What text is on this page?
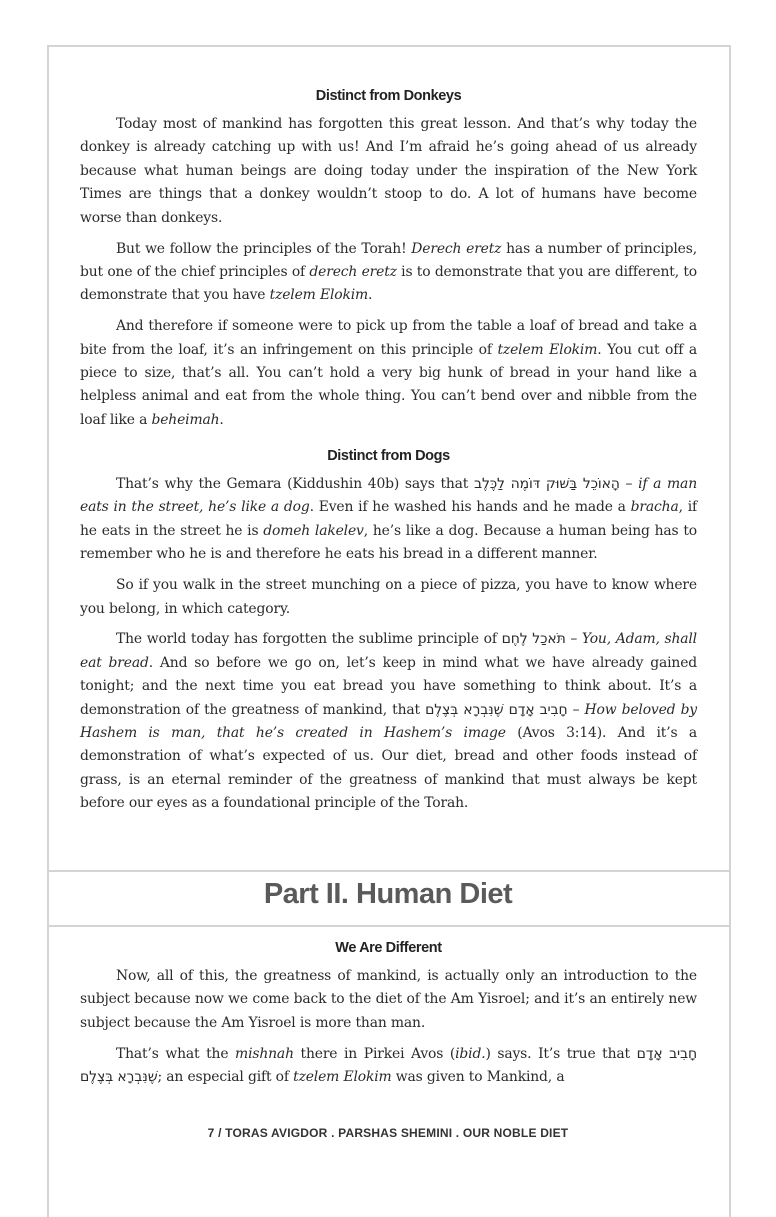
Distinct from Donkeys

Today most of mankind has forgotten this great lesson. And that’s why today the donkey is already catching up with us! And I’m afraid he’s going ahead of us already because what human beings are doing today under the inspiration of the New York Times are things that a donkey wouldn’t stoop to do. A lot of humans have become worse than donkeys.

But we follow the principles of the Torah! Derech eretz has a number of principles, but one of the chief principles of derech eretz is to demonstrate that you are different, to demonstrate that you have tzelem Elokim.

And therefore if someone were to pick up from the table a loaf of bread and take a bite from the loaf, it’s an infringement on this principle of tzelem Elokim. You cut off a piece to size, that’s all. You can’t hold a very big hunk of bread in your hand like a helpless animal and eat from the whole thing. You can’t bend over and nibble from the loaf like a beheimah.

Distinct from Dogs

That’s why the Gemara (Kiddushin 40b) says that הָאוֹכֵל בַּשּׁוּק דּוֹמֶה לַכֶּלֶב – if a man eats in the street, he’s like a dog. Even if he washed his hands and he made a bracha, if he eats in the street he is domeh lakelev, he’s like a dog. Because a human being has to remember who he is and therefore he eats his bread in a different manner.

So if you walk in the street munching on a piece of pizza, you have to know where you belong, in which category.

The world today has forgotten the sublime principle of תֹּאכַל לֶחֶם – You, Adam, shall eat bread. And so before we go on, let’s keep in mind what we have already gained tonight; and the next time you eat bread you have something to think about. It’s a demonstration of the greatness of mankind, that חָבִיב אָדָם שֶׁנִּבְרָא בְּצֶלֶם – How beloved by Hashem is man, that he’s created in Hashem’s image (Avos 3:14). And it’s a demonstration of what’s expected of us. Our diet, bread and other foods instead of grass, is an eternal reminder of the greatness of mankind that must always be kept before our eyes as a foundational principle of the Torah.

Part II. Human Diet
We Are Different

Now, all of this, the greatness of mankind, is actually only an introduction to the subject because now we come back to the diet of the Am Yisroel; and it’s an entirely new subject because the Am Yisroel is more than man.

That’s what the mishnah there in Pirkei Avos (ibid.) says. It’s true that חָבִיב אָדָם שֶׁנִּבְרָא בְּצֶלֶם; an especial gift of tzelem Elokim was given to Mankind, a

7 / TORAS AVIGDOR . PARSHAS SHEMINI . OUR NOBLE DIET
